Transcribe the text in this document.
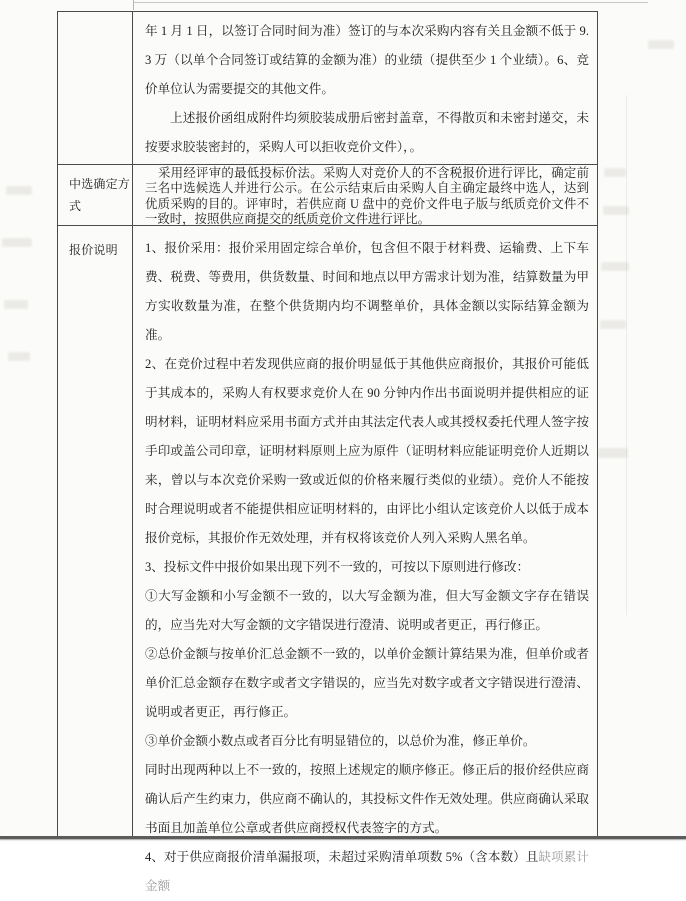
年 1 月 1 日，以签订合同时间为准）签订的与本次采购内容有关且金额不低于 9.3 万（以单个合同签订或结算的金额为准）的业绩（提供至少 1 个业绩）。6、竞价单位认为需要提交的其他文件。

上述报价函组成附件均须胶装成册后密封盖章，不得散页和未密封递交，未按要求胶装密封的，采购人可以拒收竞价文件），。

中选确定方式

采用经评审的最低投标价法。采购人对竞价人的不含税报价进行评比，确定前三名中选候选人并进行公示。在公示结束后由采购人自主确定最终中选人，达到优质采购的目的。评审时，若供应商 U 盘中的竞价文件电子版与纸质竞价文件不一致时，按照供应商提交的纸质竞价文件进行评比。

报价说明 1、报价采用：报价采用固定综合单价，包含但不限于材料费、运输费、上下车费、税费、等费用，供货数量、时间和地点以甲方需求计划为准，结算数量为甲方实收数量为准，在整个供货期内均不调整单价，具体金额以实际结算金额为准。

2、在竞价过程中若发现供应商的报价明显低于其他供应商报价，其报价可能低于其成本的，采购人有权要求竞价人在 90 分钟内作出书面说明并提供相应的证明材料，证明材料应采用书面方式并由其法定代表人或其授权委托代理人签字按手印或盖公司印章，证明材料原则上应为原件（证明材料应能证明竞价人近期以来，曾以与本次竞价采购一致或近似的价格来履行类似的业绩）。竞价人不能按时合理说明或者不能提供相应证明材料的，由评比小组认定该竞价人以低于成本报价竞标，其报价作无效处理，并有权将该竞价人列入采购人黑名单。

3、投标文件中报价如果出现下列不一致的，可按以下原则进行修改：

①大写金额和小写金额不一致的，以大写金额为准，但大写金额文字存在错误的，应当先对大写金额的文字错误进行澄清、说明或者更正，再行修正。

②总价金额与按单价汇总金额不一致的，以单价金额计算结果为准，但单价或者单价汇总金额存在数字或者文字错误的，应当先对数字或者文字错误进行澄清、说明或者更正，再行修正。

③单价金额小数点或者百分比有明显错位的，以总价为准，修正单价。

同时出现两种以上不一致的，按照上述规定的顺序修正。修正后的报价经供应商确认后产生约束力，供应商不确认的，其投标文件作无效处理。供应商确认采取书面且加盖单位公章或者供应商授权代表签字的方式。

4、对于供应商报价清单漏报项，未超过采购清单项数 5%（含本数）且缺项累计金额
